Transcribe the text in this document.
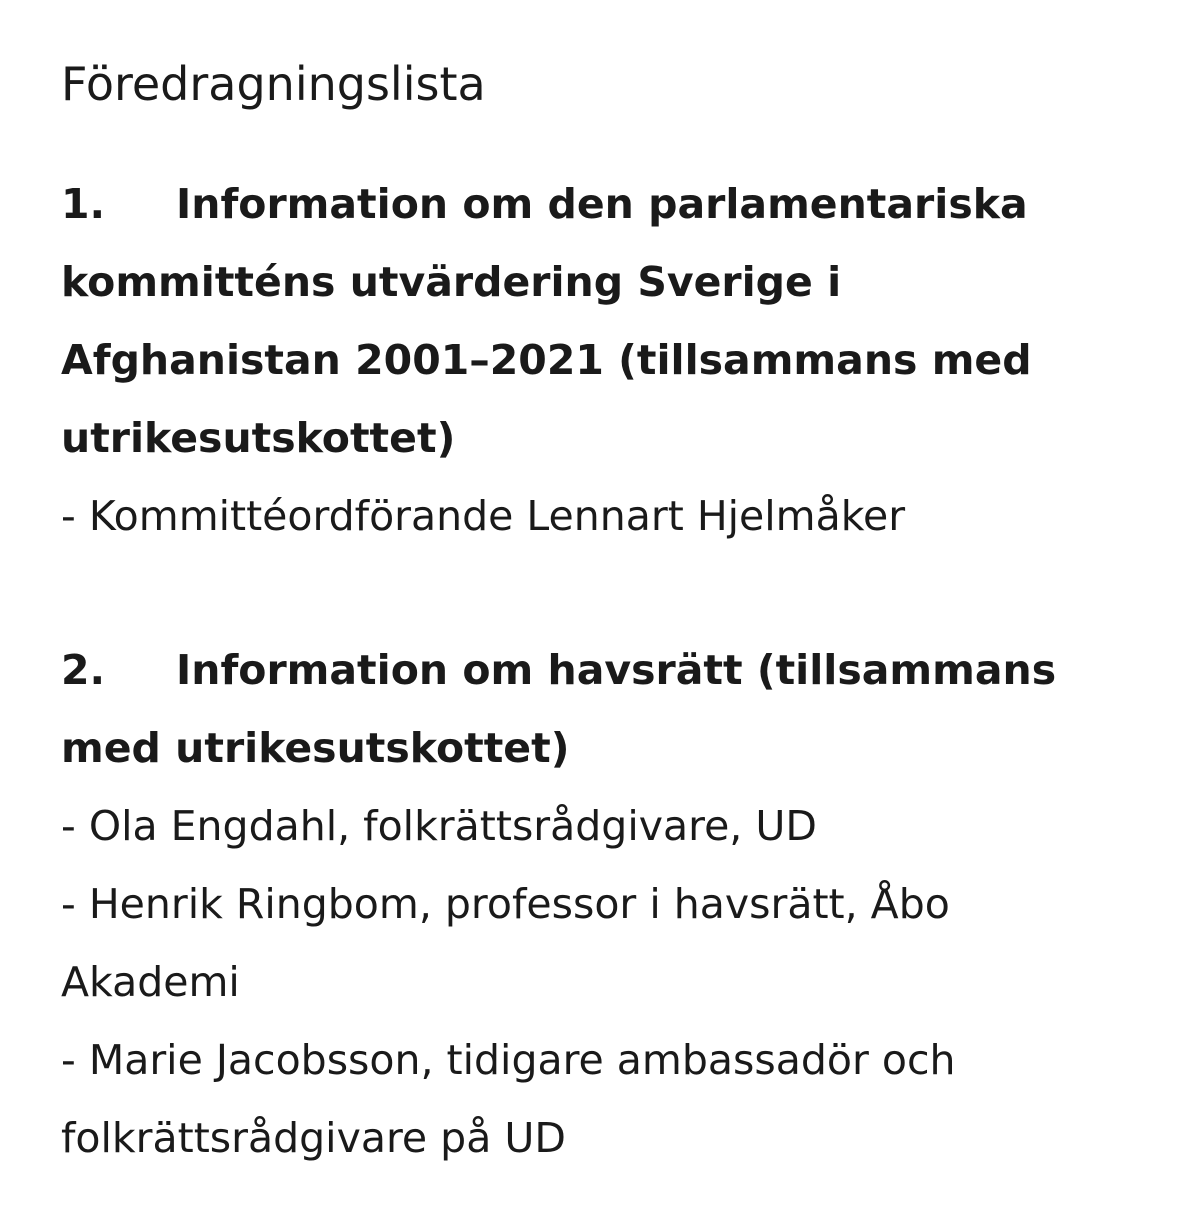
Föredragningslista

1. Information om den parlamentariska kommitténs utvärdering Sverige i Afghanistan 2001–2021 (tillsammans med utrikesutskottet)

- Kommittéordförande Lennart Hjelmåker

2. Information om havsrätt (tillsammans med utrikesutskottet)

- Ola Engdahl, folkrättsrådgivare, UD

- Henrik Ringbom, professor i havsrätt, Åbo Akademi

- Marie Jacobsson, tidigare ambassadör och folkrättsrådgivare på UD
